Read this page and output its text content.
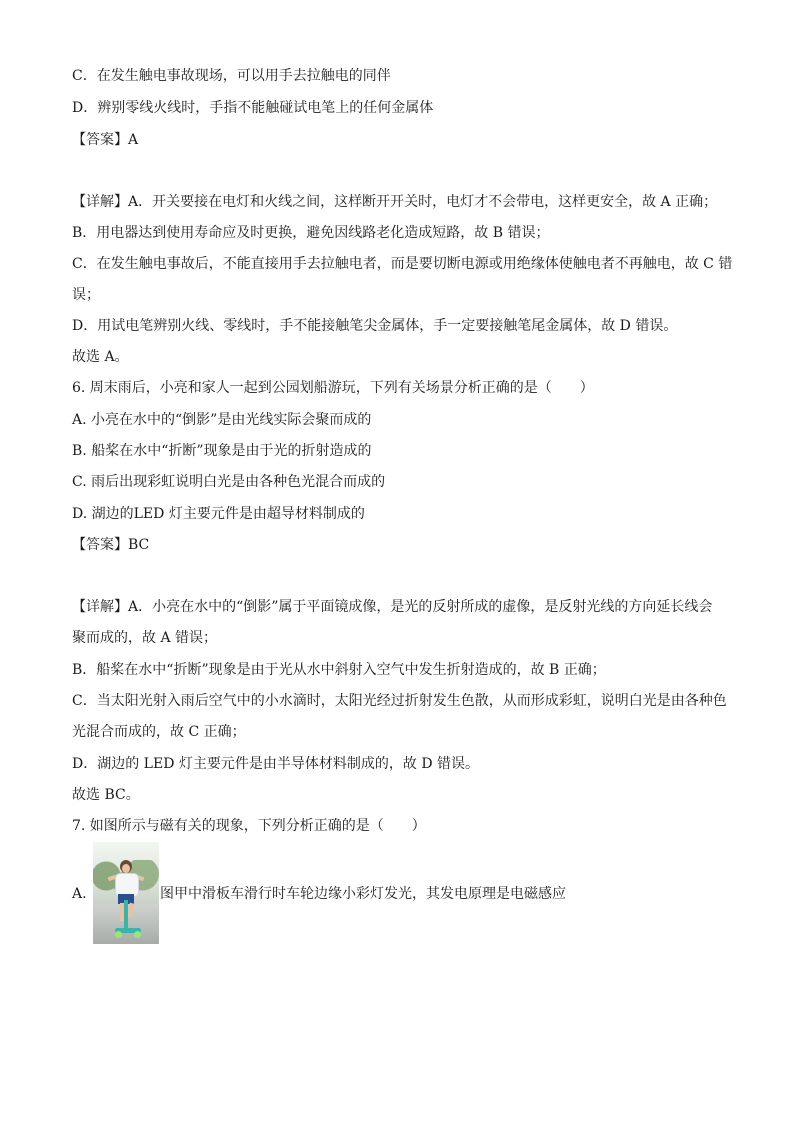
C．在发生触电事故现场，可以用手去拉触电的同伴
D．辨别零线火线时，手指不能触碰试电笔上的任何金属体
【答案】A
【详解】A．开关要接在电灯和火线之间，这样断开开关时，电灯才不会带电，这样更安全，故 A 正确；
B．用电器达到使用寿命应及时更换，避免因线路老化造成短路，故 B 错误；
C．在发生触电事故后，不能直接用手去拉触电者，而是要切断电源或用绝缘体使触电者不再触电，故 C 错
误；
D．用试电笔辨别火线、零线时，手不能接触笔尖金属体，手一定要接触笔尾金属体，故 D 错误。
故选 A。
6. 周末雨后，小亮和家人一起到公园划船游玩，下列有关场景分析正确的是（　　）
A. 小亮在水中的“倒影”是由光线实际会聚而成的
B. 船桨在水中“折断”现象是由于光的折射造成的
C. 雨后出现彩虹说明白光是由各种色光混合而成的
D. 湖边的LED 灯主要元件是由超导材料制成的
【答案】BC
【详解】A．小亮在水中的“倒影”属于平面镜成像，是光的反射所成的虚像，是反射光线的方向延长线会
聚而成的，故 A 错误；
B．船桨在水中“折断”现象是由于光从水中斜射入空气中发生折射造成的，故 B 正确；
C．当太阳光射入雨后空气中的小水滴时，太阳光经过折射发生色散，从而形成彩虹，说明白光是由各种色
光混合而成的，故 C 正确；
D．湖边的 LED 灯主要元件是由半导体材料制成的，故 D 错误。
故选 BC。
7. 如图所示与磁有关的现象，下列分析正确的是（　　）
A.	图甲中滑板车滑行时车轮边缘小彩灯发光，其发电原理是电磁感应
